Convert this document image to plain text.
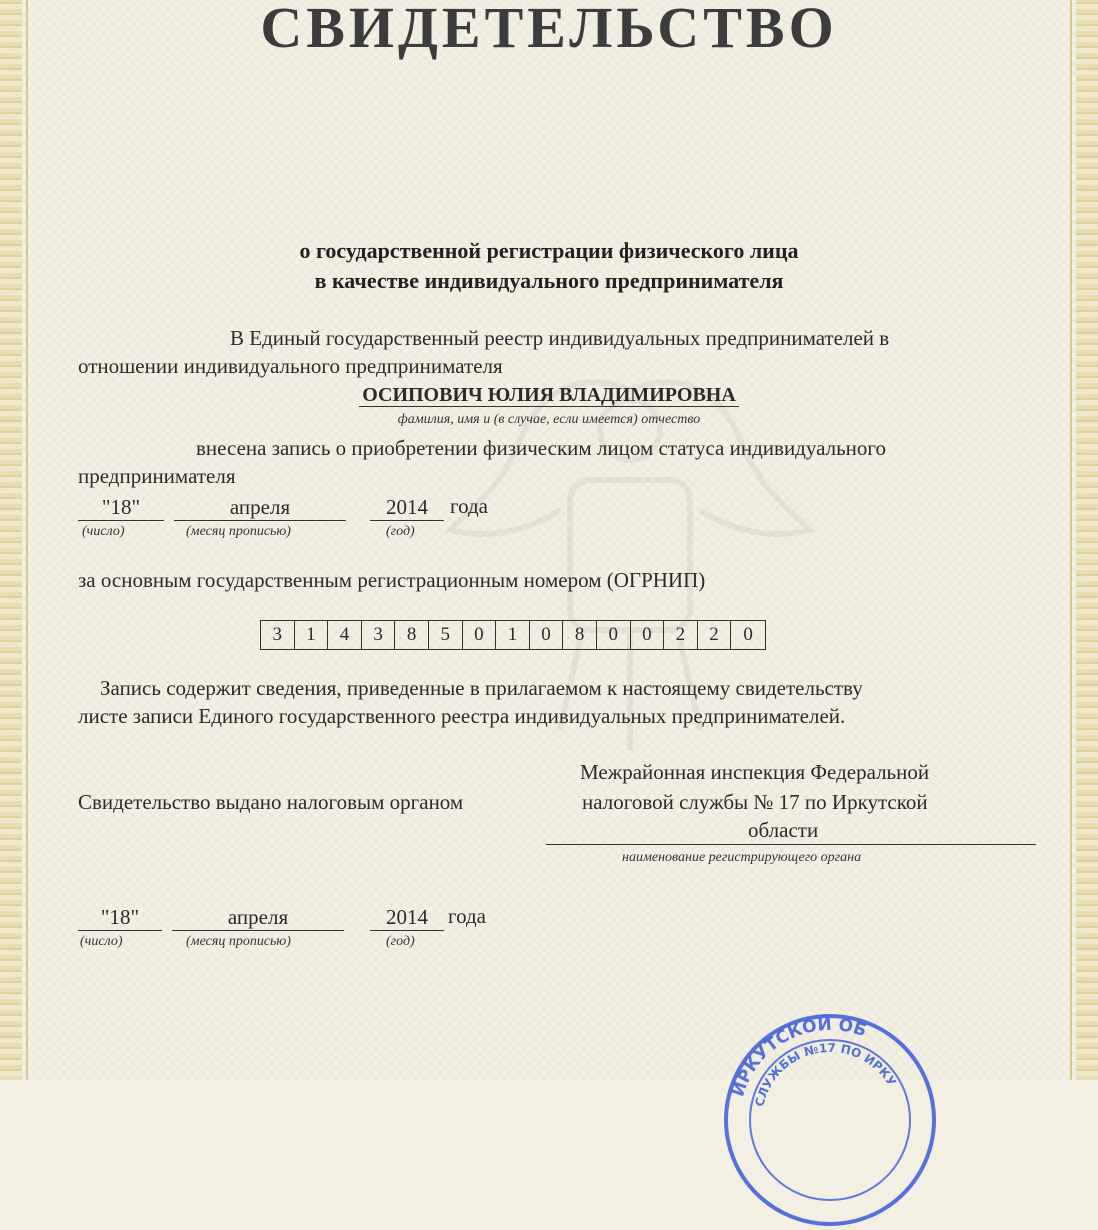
СВИДЕТЕЛЬСТВО
о государственной регистрации физического лица
в качестве индивидуального предпринимателя
В Единый государственный реестр индивидуальных предпринимателей в
отношении индивидуального предпринимателя
ОСИПОВИЧ ЮЛИЯ ВЛАДИМИРОВНА
фамилия, имя и (в случае, если имеется) отчество
внесена запись о приобретении физическим лицом статуса индивидуального
предпринимателя
"18"	апреля	2014	года
(число)	(месяц прописью)	(год)
за основным государственным регистрационным номером (ОГРНИП)
3	1	4	3	8	5	0	1	0	8	0	0	2	2	0
Запись содержит сведения, приведенные в прилагаемом к настоящему свидетельству
листе записи Единого государственного реестра индивидуальных предпринимателей.
Межрайонная инспекция Федеральной
Свидетельство выдано налоговым органом	налоговой службы № 17 по Иркутской
области
наименование регистрирующего органа
"18"	апреля	2014 года
(число)	(месяц прописью)	(год)
ИРКУТСКОЙ ОБ
СЛУЖБЫ №17 ПО ИРКУ
